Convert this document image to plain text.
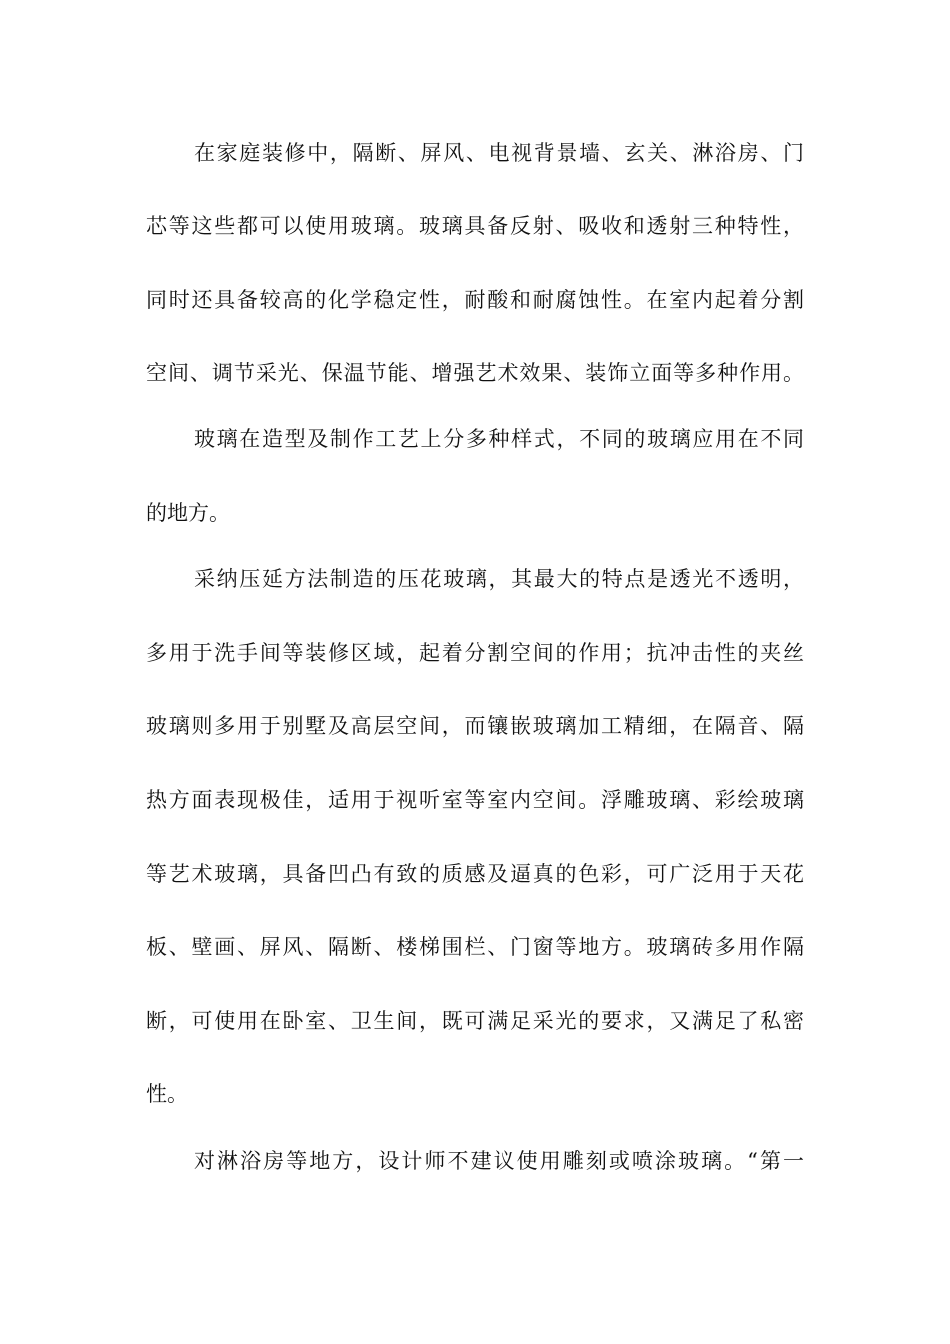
在家庭装修中，隔断、屏风、电视背景墙、玄关、淋浴房、门
芯等这些都可以使用玻璃。玻璃具备反射、吸收和透射三种特性，
同时还具备较高的化学稳定性，耐酸和耐腐蚀性。在室内起着分割
空间、调节采光、保温节能、增强艺术效果、装饰立面等多种作用。
玻璃在造型及制作工艺上分多种样式，不同的玻璃应用在不同
的地方。
采纳压延方法制造的压花玻璃，其最大的特点是透光不透明，
多用于洗手间等装修区域，起着分割空间的作用；抗冲击性的夹丝
玻璃则多用于别墅及高层空间，而镶嵌玻璃加工精细，在隔音、隔
热方面表现极佳，适用于视听室等室内空间。浮雕玻璃、彩绘玻璃
等艺术玻璃，具备凹凸有致的质感及逼真的色彩，可广泛用于天花
板、壁画、屏风、隔断、楼梯围栏、门窗等地方。玻璃砖多用作隔
断，可使用在卧室、卫生间，既可满足采光的要求，又满足了私密
性。
对淋浴房等地方，设计师不建议使用雕刻或喷涂玻璃。“第一
